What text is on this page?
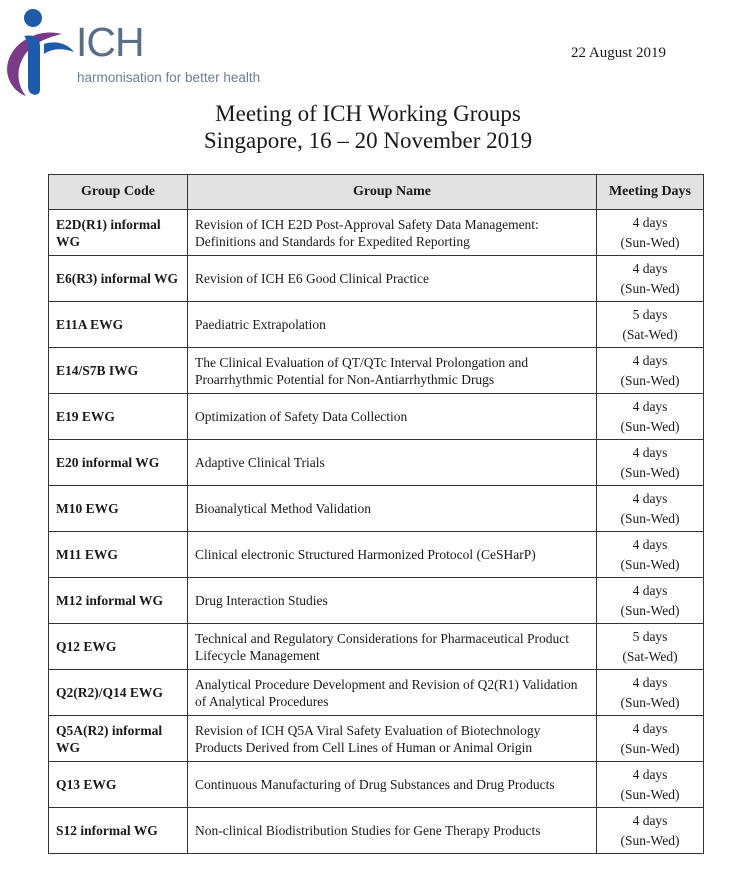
ICH
harmonisation for better health
22 August 2019
Meeting of ICH Working Groups
Singapore, 16 – 20 November 2019
Group Code	Group Name	Meeting Days
E2D(R1) informal WG	Revision of ICH E2D Post-Approval Safety Data Management: Definitions and Standards for Expedited Reporting	4 days
(Sun-Wed)

E6(R3) informal WG	Revision of ICH E6 Good Clinical Practice	4 days
(Sun-Wed)

E11A EWG	Paediatric Extrapolation	5 days
(Sat-Wed)

E14/S7B IWG	The Clinical Evaluation of QT/QTc Interval Prolongation and Proarrhythmic Potential for Non-Antiarrhythmic Drugs	4 days
(Sun-Wed)

E19 EWG	Optimization of Safety Data Collection	4 days
(Sun-Wed)

E20 informal WG	Adaptive Clinical Trials	4 days
(Sun-Wed)

M10 EWG	Bioanalytical Method Validation	4 days
(Sun-Wed)

M11 EWG	Clinical electronic Structured Harmonized Protocol (CeSHarP)	4 days
(Sun-Wed)

M12 informal WG	Drug Interaction Studies	4 days
(Sun-Wed)

Q12 EWG	Technical and Regulatory Considerations for Pharmaceutical Product Lifecycle Management	5 days
(Sat-Wed)

Q2(R2)/Q14 EWG	Analytical Procedure Development and Revision of Q2(R1) Validation of Analytical Procedures	4 days
(Sun-Wed)

Q5A(R2) informal WG	Revision of ICH Q5A Viral Safety Evaluation of Biotechnology Products Derived from Cell Lines of Human or Animal Origin	4 days
(Sun-Wed)

Q13 EWG	Continuous Manufacturing of Drug Substances and Drug Products	4 days
(Sun-Wed)

S12 informal WG	Non-clinical Biodistribution Studies for Gene Therapy Products	4 days
(Sun-Wed)
